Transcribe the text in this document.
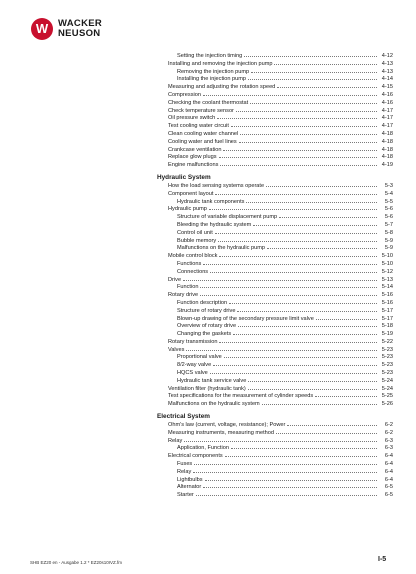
W	WACKER
NEUSON
Setting the injection timing	4-12
Installing and removing the injection pump	4-13
Removing the injection pump	4-13
Installing the injection pump	4-14
Measuring and adjusting the rotation speed	4-15
Compression	4-16
Checking the coolant thermostat	4-16
Check temperature sensor	4-17
Oil pressure switch	4-17
Test cooling water circuit	4-17
Clean cooling water channel	4-18
Cooling water and fuel lines	4-18
Crankcase ventilation	4-18
Replace glow plugs	4-18
Engine malfunctions	4-19
Hydraulic System
How the load sensing systems operate	5-3
Component layout	5-4
Hydraulic tank components	5-5
Hydraulic pump	5-6
Structure of variable displacement pump	5-6
Bleeding the hydraulic system	5-7
Control oil unit	5-8
Bubble memory	5-9
Malfunctions on the hydraulic pump	5-9
Mobile control block	5-10
Functions	5-10
Connections	5-12
Drive	5-13
Function	5-14
Rotary drive	5-16
Function description	5-16
Structure of rotary drive	5-17
Blown-up drawing of the secondary pressure limit valve	5-17
Overview of rotary drive	5-18
Changing the gaskets	5-19
Rotary transmission	5-22
Valves	5-23
Proportional valve	5-23
8/2-way valve	5-23
HQCS valve	5-23
Hydraulic tank service valve	5-24
Ventilation filter (hydraulic tank)	5-24
Test specifications for the measurement of cylinder speeds	5-25
Malfunctions on the hydraulic system	5-26
Electrical System
Ohm's law (current, voltage, resistance); Power	6-2
Measuring instruments, measuring method	6-2
Relay	6-3
Application, Function	6-3
Electrical components	6-4
Fuses	6-4
Relay	6-4
Lightbulbs	6-4
Alternator	6-5
Starter	6-5
SHB EZ20 en - Ausgabe 1.2 * EZ20s10IVZ.fm	I-5
